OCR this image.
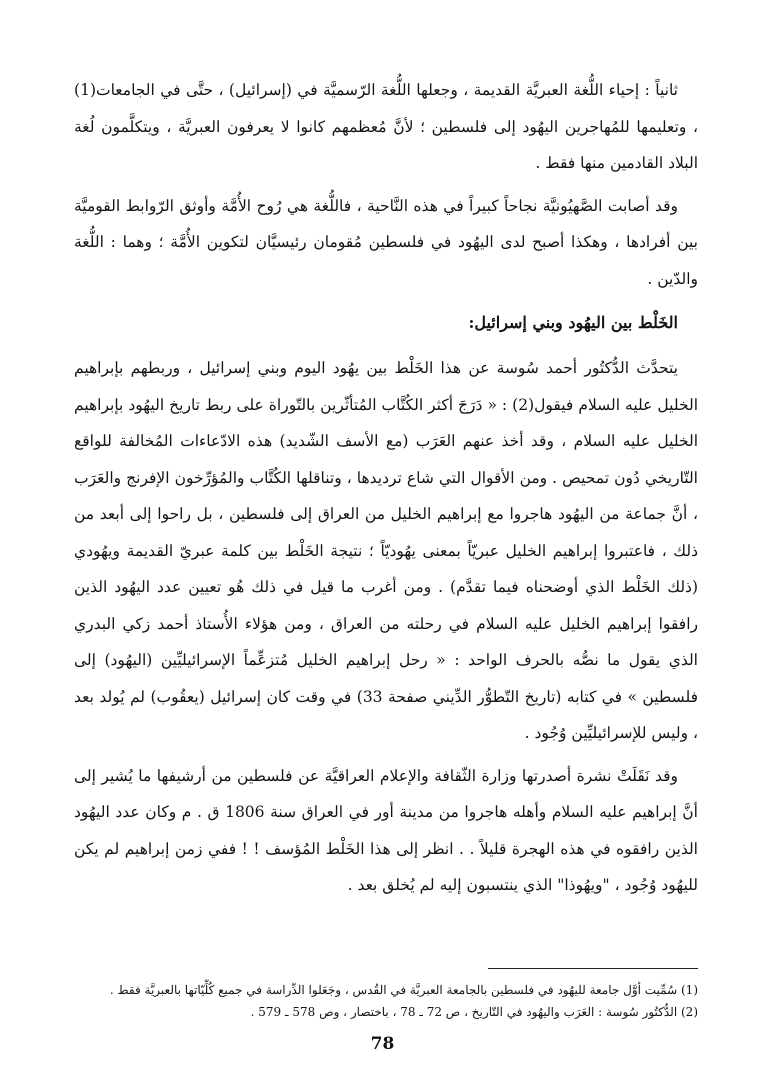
ثانياً : إحياء اللُّغة العبريَّة القديمة ، وجعلها اللُّغة الرّسميَّة في (إسرائيل) ، حتَّى في الجامعات(1) ، وتعليمها للمُهاجرين اليهُود إلى فلسطين ؛ لأنَّ مُعظمهم كانوا لا يعرفون العبريَّة ، ويتكلَّمون لُغة البلاد القادمين منها فقط .

وقد أصابت الصَّهيُونيَّة نجاحاً كبيراً في هذه النَّاحية ، فاللُّغة هي رُوح الأُمَّة وأوثق الرّوابط القوميَّة بين أفرادها ، وهكذا أصبح لدى اليهُود في فلسطين مُقومان رئيسيَّان لتكوين الأُمَّة ؛ وهما : اللُّغة والدّين .

الخَلْط بين اليهُود وبني إسرائيل:

يتحدَّث الدُّكتُور أحمد سُوسة عن هذا الخَلْط بين يهُود اليوم وبني إسرائيل ، وربطهم بإبراهيم الخليل عليه السلام فيقول(2) : « دَرَجَ أكثر الكُتَّاب المُتأثّرين بالتّوراة على ربط تاريخ اليهُود بإبراهيم الخليل عليه السلام ، وقد أخذ عنهم العَرَب (مع الأسف الشّديد) هذه الادّعاءات المُخالفة للواقع التّاريخي دُون تمحيص . ومن الأقوال التي شاع ترديدها ، وتناقلها الكُتَّاب والمُؤرِّخون الإفرنج والعَرَب ، أنَّ جماعة من اليهُود هاجروا مع إبراهيم الخليل من العراق إلى فلسطين ، بل راحوا إلى أبعد من ذلك ، فاعتبروا إبراهيم الخليل عبريّاً بمعنى يهُوديّاً ؛ نتيجة الخَلْط بين كلمة عبريّ القديمة ويهُودي (ذلك الخَلْط الذي أوضحناه فيما تقدَّم) . ومن أغرب ما قيل في ذلك هُو تعيين عدد اليهُود الذين رافقوا إبراهيم الخليل عليه السلام في رحلته من العراق ، ومن هؤلاء الأُستاذ أحمد زكي البدري الذي يقول ما نصُّه بالحرف الواحد : « رحل إبراهيم الخليل مُتزعِّماً الإسرائيليِّين (اليهُود) إلى فلسطين » في كتابه (تاريخ التّطوُّر الدِّيني صفحة 33) في وقت كان إسرائيل (يعقُوب) لم يُولد بعد ، وليس للإسرائيليِّين وُجُود .

وقد نَقَلَتْ نشرة أصدرتها وزارة الثّقافة والإعلام العراقيَّة عن فلسطين من أرشيفها ما يُشير إلى أنَّ إبراهيم عليه السلام وأهله هاجروا من مدينة أور في العراق سنة 1806 ق . م وكان عدد اليهُود الذين رافقوه في هذه الهجرة قليلاً . . انظر إلى هذا الخَلْط المُؤسف ! ! ففي زمن إبراهيم لم يكن لليهُود وُجُود ، "ويهُوذا" الذي ينتسبون إليه لم يُخلق بعد .

(1) سُمِّيت أوَّل جامعة لليهُود في فلسطين بالجامعة العبريَّة في القُدس ، وجَعَلوا الدِّراسة في جميع كُلِّيّاتها بالعبريَّة فقط .

(2) الدُّكتُور سُوسة : العَرَب واليهُود في التّاريخ ، ص 72 ـ 78 ، باختصار ، وص 578 ـ 579 .

78
